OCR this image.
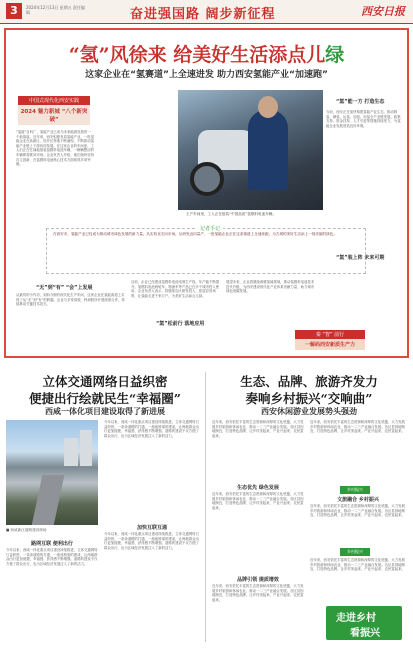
3	2024年12月13日 星期五 责任编辑	奋进强国路 阔步新征程	西安日报
“氢”风徐来 给美好生活添点儿绿
这家企业在“氢赛道”上全速进发 助力西安氢能产业“加速跑”
中国式现代化西安实践
2024 魅力新城 “八个新突破”
“氢能”自科广，氢能产业已成为未来能源发展的一个新赛道。近年来，西安积极布局氢能产业，一批氢能企业在高新区、经开区等地不断涌现，不断推动氢能产业链上下游协同发展。在这家企业的车间里，工人们正在忙碌地组装氢燃料电池车辆，一辆辆整洁的车辆即将驶向市场。企业负责人介绍，他们始终坚持自主创新，在氢燃料电池核心技术方面取得多项突破。
王产车间里，工人正在组装“中国品质”氢燃料电池车辆。
当前，西安正在加快构建氢能产业生态，推动制氢、储氢、运氢、加氢、用氢全产业链发展。政策支持、资金扶持、人才引进等措施持续发力，为氢能企业发展营造良好环境。
“氢”能一方 打造生态
记者手记
在西安市，氢能产业已经成为推动城市绿色发展的新力量。从实验室走向市场，从研发迈向量产，一批氢能企业正在这条赛道上全速奔跑，为古城的美好生活添上一抹亮丽的绿色。
“无”到“有” “会”上发展
从最初的小作坊，到如今拥有现代化生产车间，这家企业在氢能赛道上实现了从“无”到“有”的跨越。企业与多家高校、科研院所开展深度合作，持续推动关键技术攻关。
“氢”松前行 落地应用
目前，企业已经建成氢燃料电池电堆生产线，年产能不断提升。氢燃料电池两轮车、物流车等产品已在多个城市投入使用。企业负责人表示，将继续加大研发投入，拓展应用场景，让氢能走进千家万户，为美好生活添点儿绿。
“氢”装上阵 未来可期
展望未来，企业将继续深耕氢能领域，推动氢燃料电池技术迭代升级，为西安建设现代化产业体系贡献力量，助力城市绿色低碳发展。
秦 “智” 前行
一解码西安新质生产力
立体交通网络日益织密
便捷出行绘就民生“幸福圈”
西咸一体化项目建设取得了新进展
■ 西咸新区道路建设现场
路网互联 便利出行
今年以来，西咸一体化重点项目建设持续推进，立体交通网络日益织密。一条条道路的打通，一座座桥梁的建成，让两地群众出行更加便捷，幸福感、获得感不断增强。道路的建设不仅方便了群众出行，也为区域经济发展注入了新的活力。
今年以来，西咸一体化重点项目建设持续推进，立体交通网络日益织密。一条条道路的打通，一座座桥梁的建成，让两地群众出行更加便捷，幸福感、获得感不断增强。道路的建设不仅方便了群众出行，也为区域经济发展注入了新的活力。
加快互联互通
今年以来，西咸一体化重点项目建设持续推进，立体交通网络日益织密。一条条道路的打通，一座座桥梁的建成，让两地群众出行更加便捷，幸福感、获得感不断增强。道路的建设不仅方便了群众出行，也为区域经济发展注入了新的活力。
生态、品牌、旅游齐发力
奏响乡村振兴“交响曲”
西安休闲游业发展势头强劲
近年来，西安依托丰富的生态资源和深厚的文化底蕴，大力发展乡村旅游和休闲农业，推动一二三产业融合发展。各区县因地制宜，打造特色品牌，让乡村美起来、产业兴起来、农民富起来。
生态优先 绿色发展
近年来，西安依托丰富的生态资源和深厚的文化底蕴，大力发展乡村旅游和休闲农业，推动一二三产业融合发展。各区县因地制宜，打造特色品牌，让乡村美起来、产业兴起来、农民富起来。
品牌引领 提质增效
近年来，西安依托丰富的生态资源和深厚的文化底蕴，大力发展乡村旅游和休闲农业，推动一二三产业融合发展。各区县因地制宜，打造特色品牌，让乡村美起来、产业兴起来、农民富起来。
近年来，西安依托丰富的生态资源和深厚的文化底蕴，大力发展乡村旅游和休闲农业，推动一二三产业融合发展。各区县因地制宜，打造特色品牌，让乡村美起来、产业兴起来、农民富起来。
乡村振兴
文旅融合 乡村振兴
近年来，西安依托丰富的生态资源和深厚的文化底蕴，大力发展乡村旅游和休闲农业，推动一二三产业融合发展。各区县因地制宜，打造特色品牌，让乡村美起来、产业兴起来、农民富起来。
乡村振兴
近年来，西安依托丰富的生态资源和深厚的文化底蕴，大力发展乡村旅游和休闲农业，推动一二三产业融合发展。各区县因地制宜，打造特色品牌，让乡村美起来、产业兴起来、农民富起来。
走进乡村
看振兴
